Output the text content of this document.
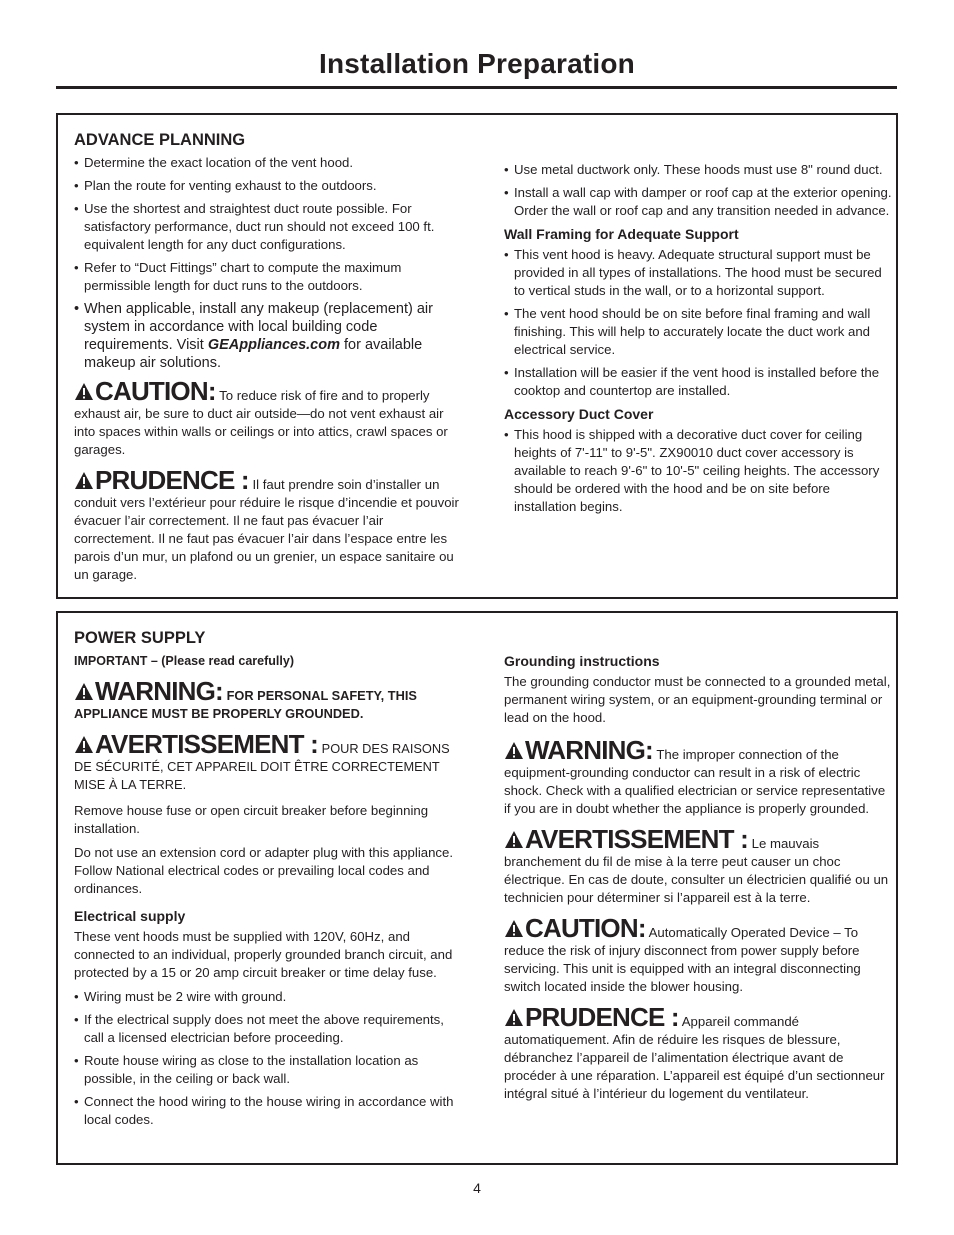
Installation Preparation
ADVANCE PLANNING
• Determine the exact location of the vent hood.
• Plan the route for venting exhaust to the outdoors.
• Use the shortest and straightest duct route possible. For satisfactory performance, duct run should not exceed 100 ft. equivalent length for any duct configurations.
• Refer to “Duct Fittings” chart to compute the maximum permissible length for duct runs to the outdoors.
• When applicable, install any makeup (replacement) air system in accordance with local building code requirements. Visit GEAppliances.com for available makeup air solutions.
CAUTION: To reduce risk of fire and to properly exhaust air, be sure to duct air outside—do not vent exhaust air into spaces within walls or ceilings or into attics, crawl spaces or garages.
PRUDENCE : Il faut prendre soin d’installer un conduit vers l’extérieur pour réduire le risque d’incendie et pouvoir évacuer l’air correctement. Il ne faut pas évacuer l’air correctement. Il ne faut pas évacuer l’air dans l’espace entre les parois d’un mur, un plafond ou un grenier, un espace sanitaire ou un garage.
• Use metal ductwork only. These hoods must use 8" round duct.
• Install a wall cap with damper or roof cap at the exterior opening. Order the wall or roof cap and any transition needed in advance.
Wall Framing for Adequate Support
• This vent hood is heavy. Adequate structural support must be provided in all types of installations. The hood must be secured to vertical studs in the wall, or to a horizontal support.
• The vent hood should be on site before final framing and wall finishing. This will help to accurately locate the duct work and electrical service.
• Installation will be easier if the vent hood is installed before the cooktop and countertop are installed.
Accessory Duct Cover
• This hood is shipped with a decorative duct cover for ceiling heights of 7'-11" to 9'-5". ZX90010 duct cover accessory is available to reach 9'-6" to 10'-5" ceiling heights. The accessory should be ordered with the hood and be on site before installation begins.
POWER SUPPLY

IMPORTANT – (Please read carefully)

WARNING: FOR PERSONAL SAFETY, THIS APPLIANCE MUST BE PROPERLY GROUNDED.
AVERTISSEMENT : POUR DES RAISONS DE SÉCURITÉ, CET APPAREIL DOIT ÊTRE CORRECTEMENT MISE À LA TERRE.

Remove house fuse or open circuit breaker before beginning installation.

Do not use an extension cord or adapter plug with this appliance. Follow National electrical codes or prevailing local codes and ordinances.

Electrical supply

These vent hoods must be supplied with 120V, 60Hz, and connected to an individual, properly grounded branch circuit, and protected by a 15 or 20 amp circuit breaker or time delay fuse.

• Wiring must be 2 wire with ground.
• If the electrical supply does not meet the above requirements, call a licensed electrician before proceeding.
• Route house wiring as close to the installation location as possible, in the ceiling or back wall.
• Connect the hood wiring to the house wiring in accordance with local codes.
Grounding instructions

The grounding conductor must be connected to a grounded metal, permanent wiring system, or an equipment-grounding terminal or lead on the hood.

WARNING: The improper connection of the equipment-grounding conductor can result in a risk of electric shock. Check with a qualified electrician or service representative if you are in doubt whether the appliance is properly grounded.
AVERTISSEMENT : Le mauvais branchement du fil de mise à la terre peut causer un choc électrique. En cas de doute, consulter un électricien qualifié ou un technicien pour déterminer si l’appareil est à la terre.
CAUTION: Automatically Operated Device – To reduce the risk of injury disconnect from power supply before servicing. This unit is equipped with an integral disconnecting switch located inside the blower housing.
PRUDENCE : Appareil commandé automatiquement. Afin de réduire les risques de blessure, débranchez l’appareil de l’alimentation électrique avant de procéder à une réparation. L’appareil est équipé d’un sectionneur intégral situé à l’intérieur du logement du ventilateur.
4
